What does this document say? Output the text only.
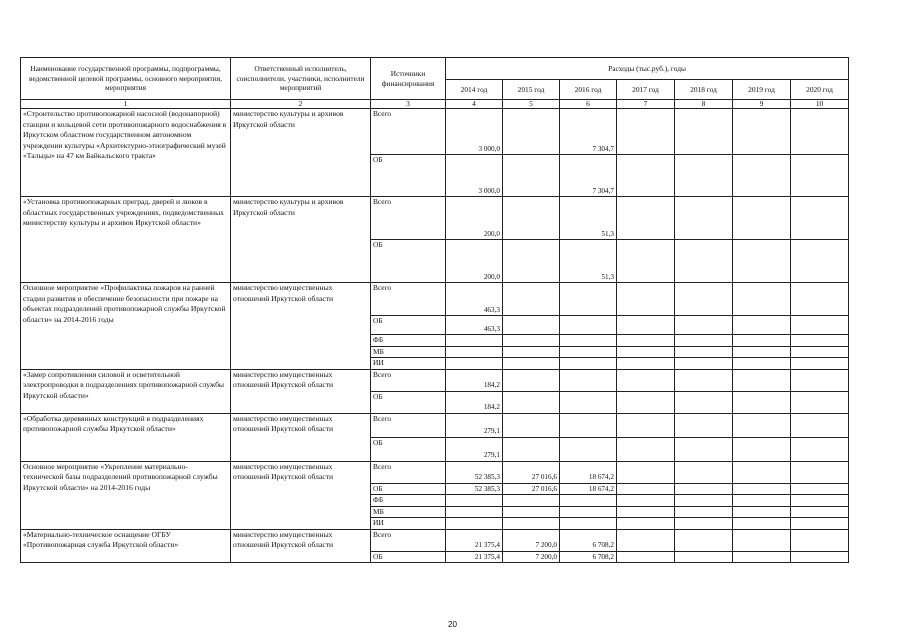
Наименование государственной программы, подпрограммы, ведомственной целевой программы, основного мероприятия, мероприятия	Ответственный исполнитель, соисполнители, участники, исполнители мероприятий	Источники финансирования	Расходы (тыс.руб.), годы						
			2014 год	2015 год	2016 год	2017 год	2018 год	2019 год	2020 год
1	2	3	4	5	6	7	8	9	10
«Строительство противопожарной насосной (водонапорной) станции и кольцевой сети противопожарного водоснабжения в Иркутском областном государственном автономном учреждении культуры «Архитектурно-этнографический музей «Тальцы» на 47 км Байкальского тракта»	министерство культуры и архивов Иркутской области	Всего	3 000,0		7 304,7				
		ОБ	3 000,0		7 304,7				
«Установка противопожарных преград, дверей и люков в областных государственных учреждениях, подведомственных министерству культуры и архивов Иркутской области»	министерство культуры и архивов Иркутской области	Всего	200,0		51,3				
		ОБ	200,0		51,3				
Основное мероприятие «Профилактика пожаров на ранней стадии развития и обеспечение безопасности при пожаре на объектах подразделений противопожарной службы Иркутской области» на 2014-2016 годы	министерство имущественных отношений Иркутской области	Всего	463,3						
		ОБ	463,3						
		ФБ							
		МБ							
		ИИ							
«Замер сопротивления силовой и осветительной электропроводки в подразделениях противопожарной службы Иркутской области»	министерство имущественных отношений Иркутской области	Всего	184,2						
		ОБ	184,2						
«Обработка деревянных конструкций в подразделениях противопожарной службы Иркутской области»	министерство имущественных отношений Иркутской области	Всего	279,1						
		ОБ	279,1						
Основное мероприятие «Укрепление материально-технической базы подразделений противопожарной службы Иркутской области» на 2014-2016 годы	министерство имущественных отношений Иркутской области	Всего	52 385,3	27 016,6	18 674,2				
		ОБ	52 385,3	27 016,6	18 674,2				
		ФБ							
		МБ							
		ИИ							
«Материально-техническое оснащение ОГБУ «Противопожарная служба Иркутской области»	министерство имущественных отношений Иркутской области	Всего	21 375,4	7 200,0	6 708,2				
		ОБ	21 375,4	7 200,0	6 708,2				
20
